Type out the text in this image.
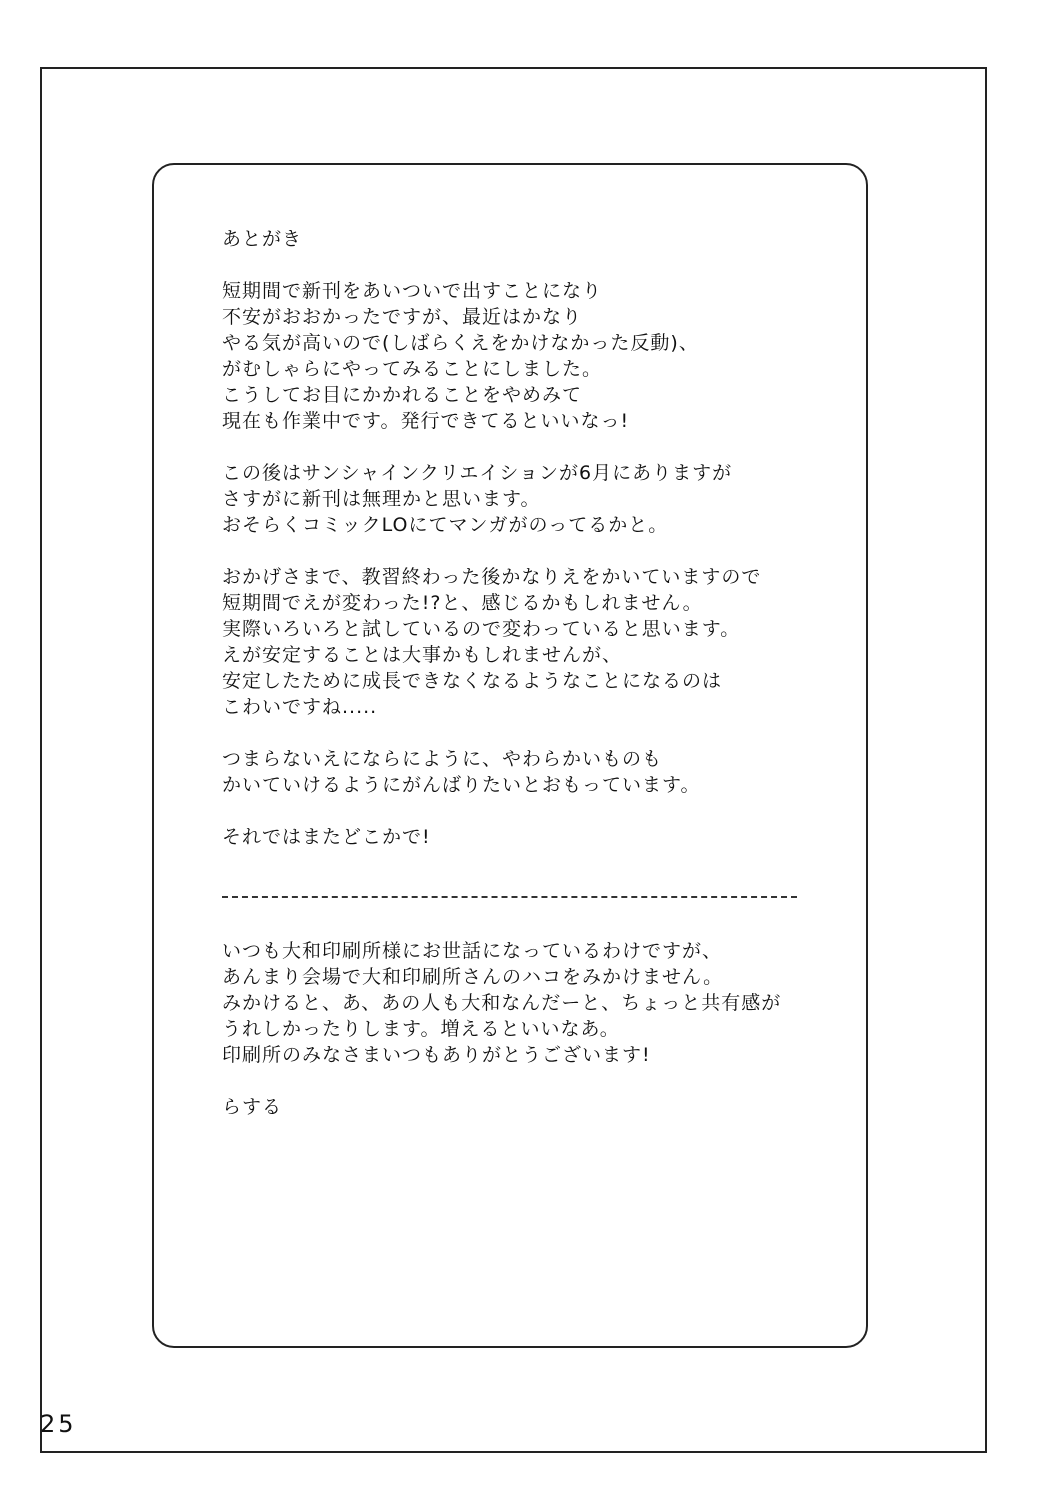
あとがき
短期間で新刊をあいついで出すことになり
不安がおおかったですが、最近はかなり
やる気が高いので(しばらくえをかけなかった反動)、
がむしゃらにやってみることにしました。
こうしてお目にかかれることをやめみて
現在も作業中です。発行できてるといいなっ!
この後はサンシャインクリエイションが6月にありますが
さすがに新刊は無理かと思います。
おそらくコミックLOにてマンガがのってるかと。
おかげさまで、教習終わった後かなりえをかいていますので
短期間でえが変わった!?と、感じるかもしれません。
実際いろいろと試しているので変わっていると思います。
えが安定することは大事かもしれませんが、
安定したために成長できなくなるようなことになるのは
こわいですね.....
つまらないえにならにように、やわらかいものも
かいていけるようにがんばりたいとおもっています。
それではまたどこかで!
いつも大和印刷所様にお世話になっているわけですが、
あんまり会場で大和印刷所さんのハコをみかけません。
みかけると、あ、あの人も大和なんだーと、ちょっと共有感が
うれしかったりします。増えるといいなあ。
印刷所のみなさまいつもありがとうございます!
らする
25
